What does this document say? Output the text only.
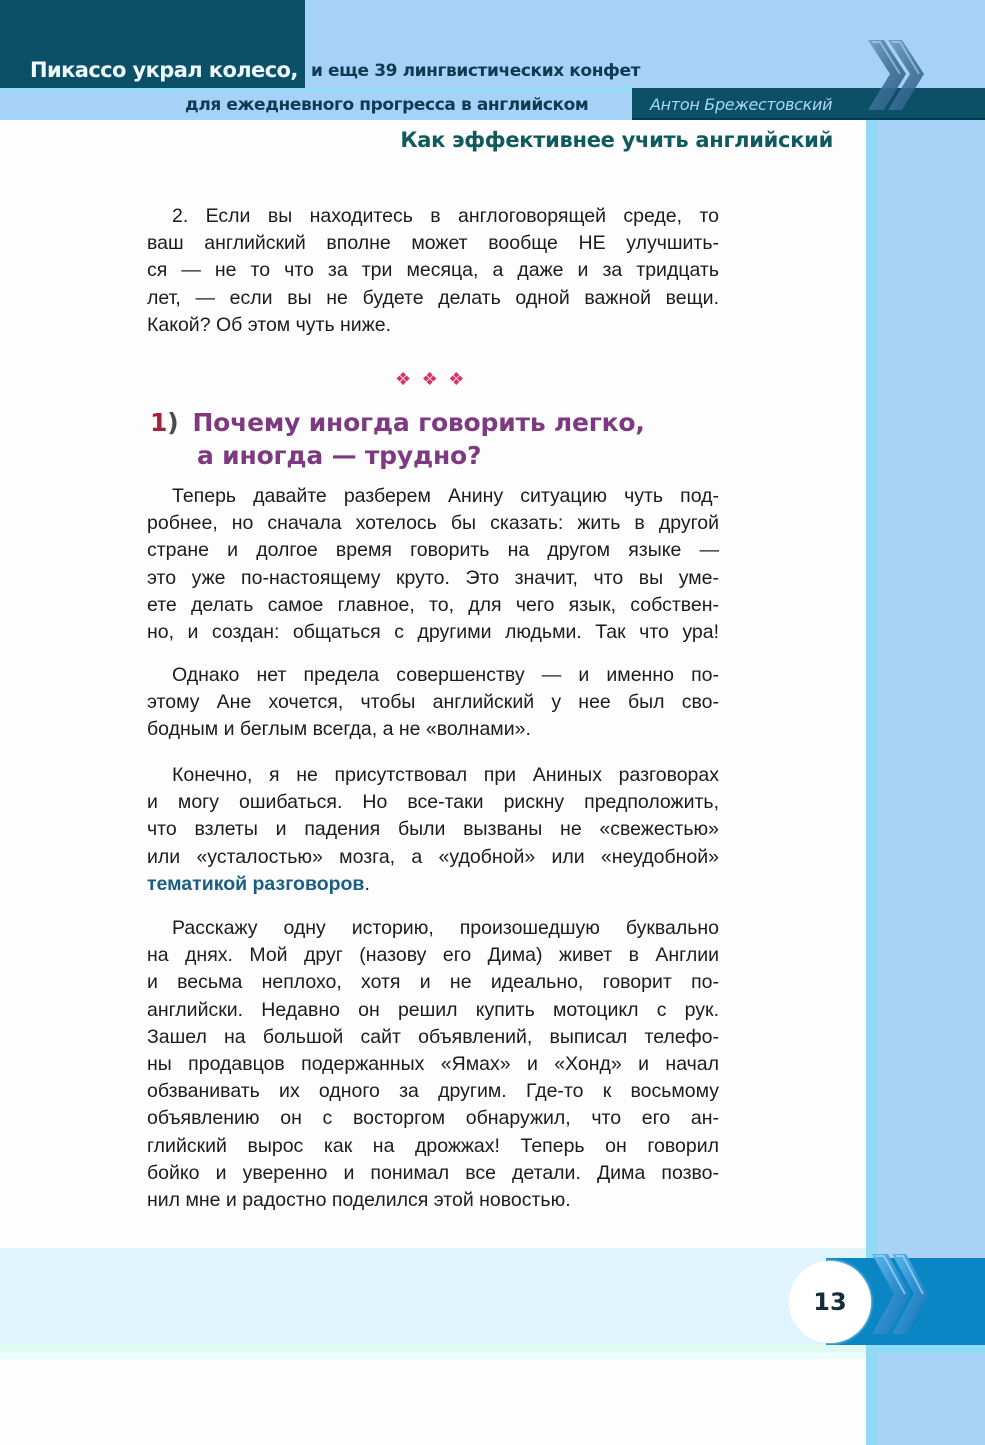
Пикассо украл колесо, и еще 39 лингвистических конфет
для ежедневного прогресса в английском	Антон Брежестовский
Как эффективнее учить английский
2. Если вы находитесь в англоговорящей среде, то
ваш английский вполне может вообще НЕ улучшить-
ся — не то что за три месяца, а даже и за тридцать
лет, — если вы не будете делать одной важной вещи.
Какой? Об этом чуть ниже.
❖ ❖ ❖
1) Почему иногда говорить легко,
а иногда — трудно?
Теперь давайте разберем Анину ситуацию чуть под-
робнее, но сначала хотелось бы сказать: жить в другой
стране и долгое время говорить на другом языке —
это уже по-настоящему круто. Это значит, что вы уме-
ете делать самое главное, то, для чего язык, собствен-
но, и создан: общаться с другими людьми. Так что ура!
Однако нет предела совершенству — и именно по-
этому Ане хочется, чтобы английский у нее был сво-
бодным и беглым всегда, а не «волнами».
Конечно, я не присутствовал при Аниных разговорах
и могу ошибаться. Но все-таки рискну предположить,
что взлеты и падения были вызваны не «свежестью»
или «усталостью» мозга, а «удобной» или «неудобной»
тематикой разговоров.
Расскажу одну историю, произошедшую буквально
на днях. Мой друг (назову его Дима) живет в Англии
и весьма неплохо, хотя и не идеально, говорит по-
английски. Недавно он решил купить мотоцикл с рук.
Зашел на большой сайт объявлений, выписал телефо-
ны продавцов подержанных «Ямах» и «Хонд» и начал
обзванивать их одного за другим. Где-то к восьмому
объявлению он с восторгом обнаружил, что его ан-
глийский вырос как на дрожжах! Теперь он говорил
бойко и уверенно и понимал все детали. Дима позво-
нил мне и радостно поделился этой новостью.
13
